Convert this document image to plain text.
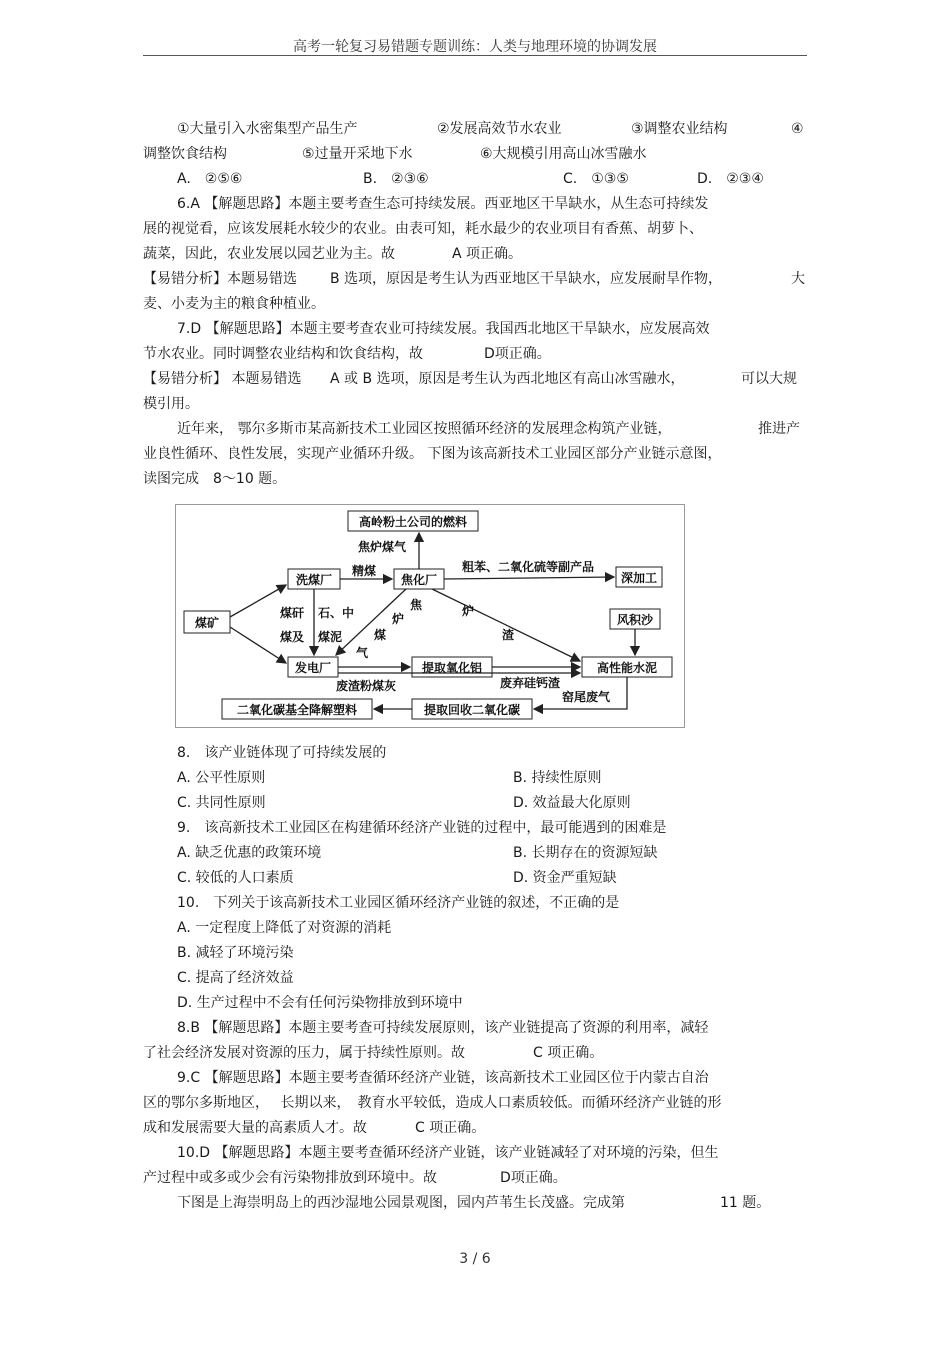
高考一轮复习易错题专题训练：人类与地理环境的协调发展
①大量引入水密集型产品生产	②发展高效节水农业	③调整农业结构	④
调整饮食结构	⑤过量开采地下水	⑥大规模引用高山冰雪融水
A.　②⑤⑥	B.　②③⑥	C.　①③⑤	D.　②③④
6.A 【解题思路】本题主要考查生态可持续发展。西亚地区干旱缺水，从生态可持续发
展的视觉看，应该发展耗水较少的农业。由表可知，耗水最少的农业项目有香蕉、胡萝卜、
蔬菜，因此，农业发展以园艺业为主。故	A 项正确。
【易错分析】本题易错选 B 选项，原因是考生认为西亚地区干旱缺水，应发展耐旱作物，	大
麦、小麦为主的粮食种植业。
7.D 【解题思路】本题主要考查农业可持续发展。我国西北地区干旱缺水，应发展高效
节水农业。同时调整农业结构和饮食结构，故	D项正确。
【易错分析】 本题易错选 A 或 B 选项，原因是考生认为西北地区有高山冰雪融水，	可以大规
模引用。
近年来， 鄂尔多斯市某高新技术工业园区按照循环经济的发展理念构筑产业链，	推进产
业良性循环、良性发展，实现产业循环升级。 下图为该高新技术工业园区部分产业链示意图，
读图完成　8～10 题。
高岭粉土公司的燃料
洗煤厂	焦化厂	深加工
煤矿	风积沙
发电厂	提取氧化铝	高性能水泥
二氧化碳基全降解塑料	提取回收二氧化碳
焦炉煤气
精煤	粗苯、二氧化硫等副产品
煤矸
煤及
石、中
煤泥
炉
焦
煤
气
炉
渣
废渣粉煤灰	废弃硅钙渣
窑尾废气
8.　该产业链体现了可持续发展的
A. 公平性原则	B. 持续性原则
C. 共同性原则	D. 效益最大化原则
9.　该高新技术工业园区在构建循环经济产业链的过程中，最可能遇到的困难是
A. 缺乏优惠的政策环境	B. 长期存在的资源短缺
C. 较低的人口素质	D. 资金严重短缺
10.　下列关于该高新技术工业园区循环经济产业链的叙述，不正确的是
A. 一定程度上降低了对资源的消耗
B. 减轻了环境污染
C. 提高了经济效益
D. 生产过程中不会有任何污染物排放到环境中
8.B 【解题思路】本题主要考查可持续发展原则，该产业链提高了资源的利用率，减轻
了社会经济发展对资源的压力，属于持续性原则。故	C 项正确。
9.C 【解题思路】本题主要考查循环经济产业链，该高新技术工业园区位于内蒙古自治
区的鄂尔多斯地区，　 长期以来，　教育水平较低，造成人口素质较低。而循环经济产业链的形
成和发展需要大量的高素质人才。故	C 项正确。
10.D 【解题思路】本题主要考查循环经济产业链，该产业链减轻了对环境的污染，但生
产过程中或多或少会有污染物排放到环境中。故	D项正确。
下图是上海崇明岛上的西沙湿地公园景观图，园内芦苇生长茂盛。完成第	11 题。
3 / 6
